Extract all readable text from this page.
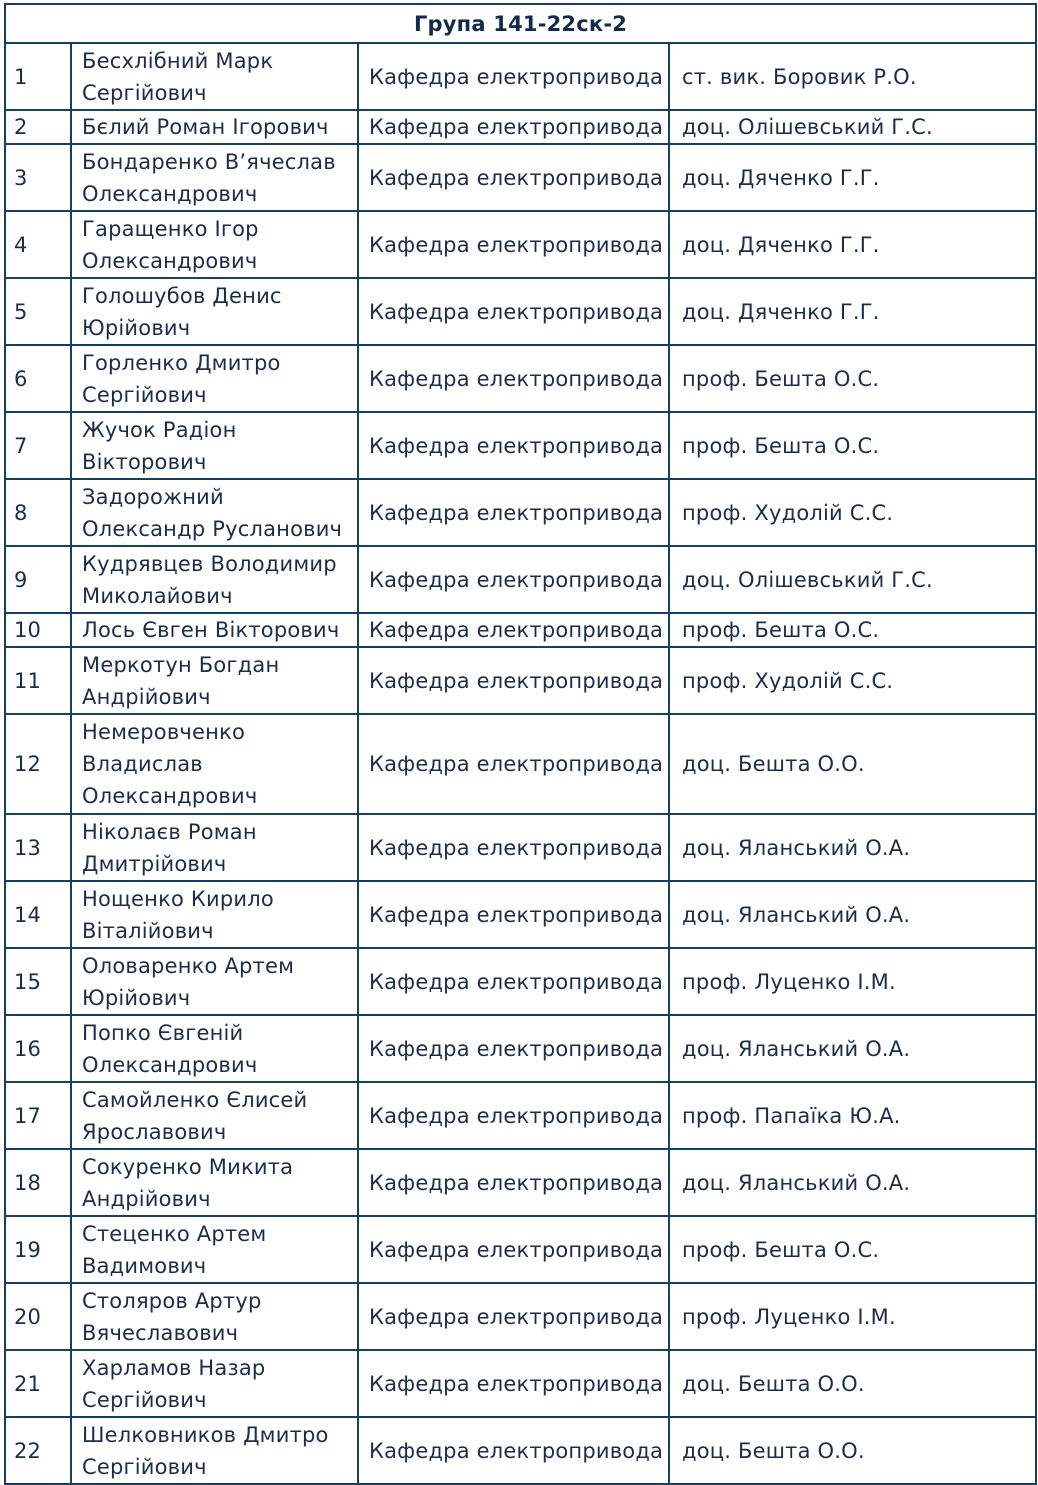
Група 141-22ск-2			
1	Бесхлібний Марк Сергійович	Кафедра електропривода	ст. вик. Боровик Р.О.
2	Бєлий Роман Ігорович	Кафедра електропривода	доц. Олішевський Г.С.
3	Бондаренко В’ячеслав Олександрович	Кафедра електропривода	доц. Дяченко Г.Г.
4	Гаращенко Ігор Олександрович	Кафедра електропривода	доц. Дяченко Г.Г.
5	Голошубов Денис Юрійович	Кафедра електропривода	доц. Дяченко Г.Г.
6	Горленко Дмитро Сергійович	Кафедра електропривода	проф. Бешта О.С.
7	Жучок Радіон Вікторович	Кафедра електропривода	проф. Бешта О.С.
8	Задорожний Олександр Русланович	Кафедра електропривода	проф. Худолій С.С.
9	Кудрявцев Володимир Миколайович	Кафедра електропривода	доц. Олішевський Г.С.
10	Лось Євген Вікторович	Кафедра електропривода	проф. Бешта О.С.
11	Меркотун Богдан Андрійович	Кафедра електропривода	проф. Худолій С.С.
12	Немеровченко Владислав Олександрович	Кафедра електропривода	доц. Бешта О.О.
13	Ніколаєв Роман Дмитрійович	Кафедра електропривода	доц. Яланський О.А.
14	Нощенко Кирило Віталійович	Кафедра електропривода	доц. Яланський О.А.
15	Оловаренко Артем Юрійович	Кафедра електропривода	проф. Луценко І.М.
16	Попко Євгеній Олександрович	Кафедра електропривода	доц. Яланський О.А.
17	Самойленко Єлисей Ярославович	Кафедра електропривода	проф. Папаїка Ю.А.
18	Сокуренко Микита Андрійович	Кафедра електропривода	доц. Яланський О.А.
19	Стеценко Артем Вадимович	Кафедра електропривода	проф. Бешта О.С.
20	Столяров Артур Вячеславович	Кафедра електропривода	проф. Луценко І.М.
21	Харламов Назар Сергійович	Кафедра електропривода	доц. Бешта О.О.
22	Шелковников Дмитро Сергійович	Кафедра електропривода	доц. Бешта О.О.
